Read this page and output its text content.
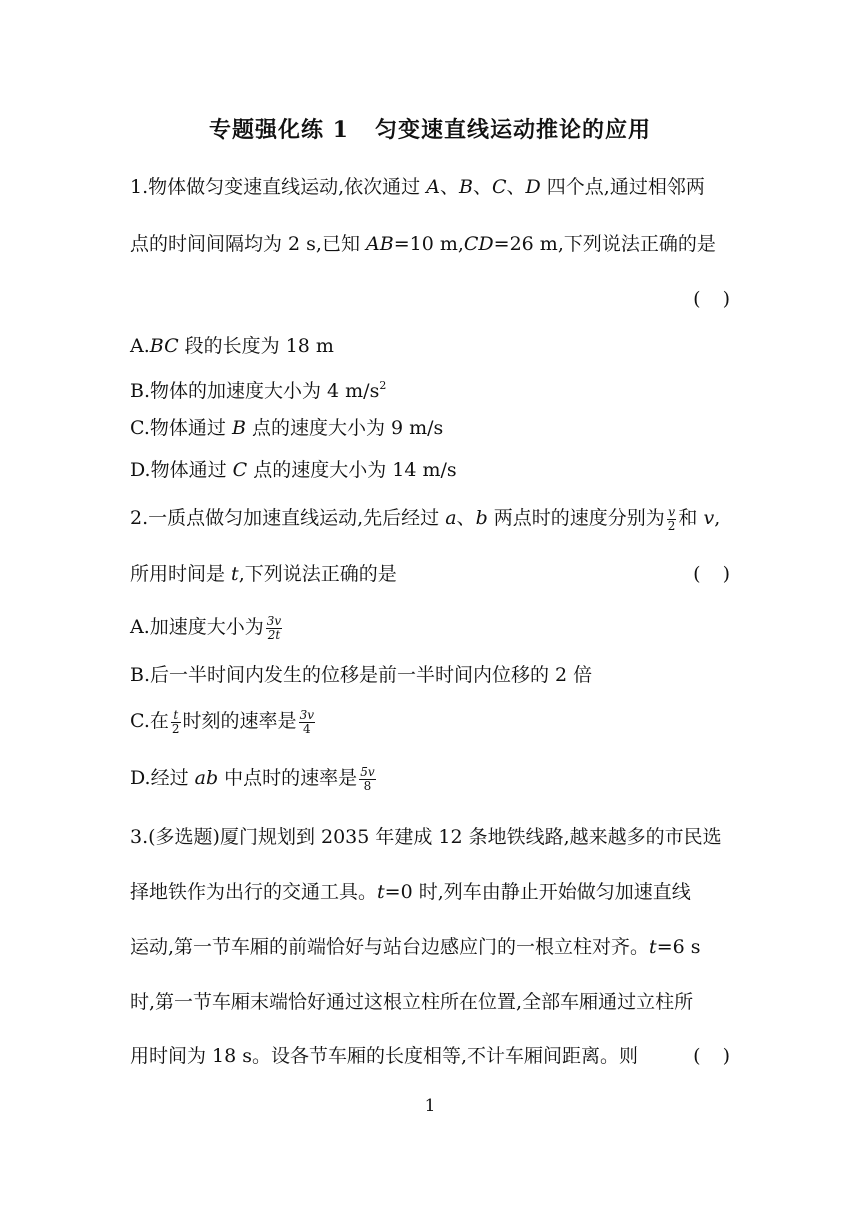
专题强化练 1 匀变速直线运动推论的应用
1.物体做匀变速直线运动,依次通过 A、B、C、D 四个点,通过相邻两
点的时间间隔均为 2 s,已知 AB=10 m,CD=26 m,下列说法正确的是
()
A.BC 段的长度为 18 m
B.物体的加速度大小为 4 $m/s^2$
C.物体通过 B 点的速度大小为 9 m/s
D.物体通过 C 点的速度大小为 14 m/s
2.一质点做匀加速直线运动,先后经过 a、b 两点时的速度分别为 $\frac{v}{2}$ 和 v,
所用时间是 t,下列说法正确的是	()
A.加速度大小为 $\frac{3v}{2t}$
B.后一半时间内发生的位移是前一半时间内位移的 2 倍
C.在 $\frac{t}{2}$ 时刻的速率是 $\frac{3v}{4}$
D.经过 ab 中点时的速率是 $\frac{5v}{8}$
3.(多选题)厦门规划到 2035 年建成 12 条地铁线路,越来越多的市民选
择地铁作为出行的交通工具。t=0 时,列车由静止开始做匀加速直线
运动,第一节车厢的前端恰好与站台边感应门的一根立柱对齐。t=6 s
时,第一节车厢末端恰好通过这根立柱所在位置,全部车厢通过立柱所
用时间为 18 s。设各节车厢的长度相等,不计车厢间距离。则	()
1
